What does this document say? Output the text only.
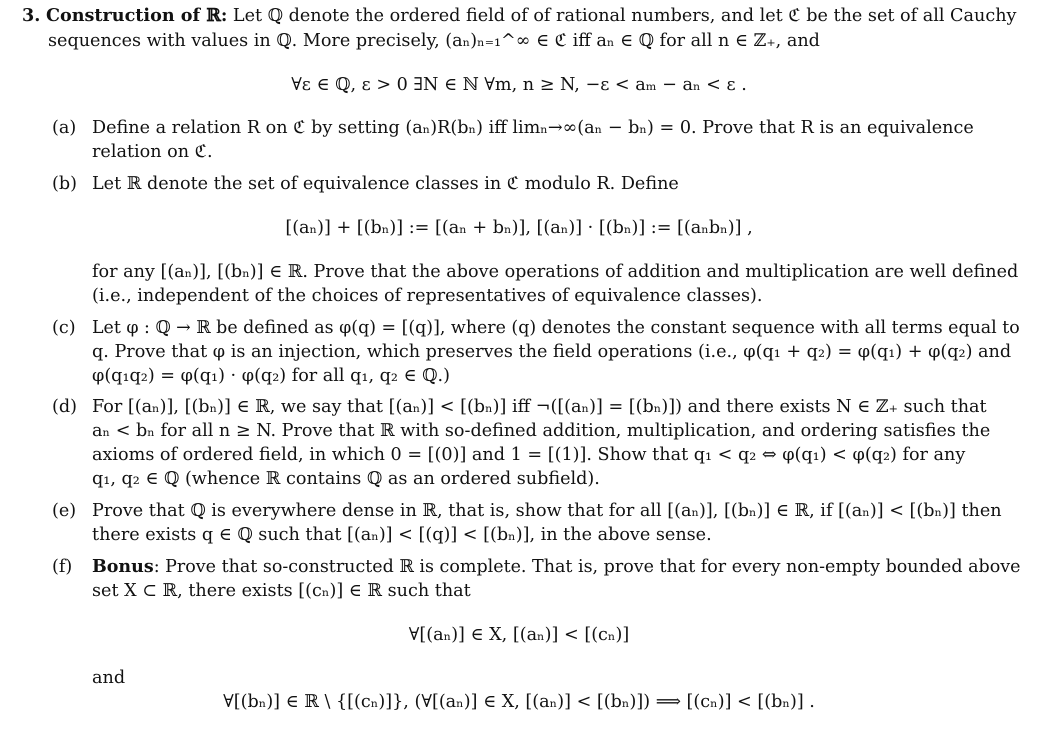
3. Construction of ℝ: Let ℚ denote the ordered field of of rational numbers, and let ℭ be the set of all Cauchy
sequences with values in ℚ. More precisely, (aₙ)ₙ₌₁^∞ ∈ ℭ iff aₙ ∈ ℚ for all n ∈ ℤ₊, and
∀ε ∈ ℚ, ε > 0 ∃N ∈ ℕ ∀m, n ≥ N, −ε < aₘ − aₙ < ε .
(a) Define a relation R on ℭ by setting (aₙ)R(bₙ) iff limₙ→∞(aₙ − bₙ) = 0. Prove that R is an equivalence
relation on ℭ.
(b) Let ℝ denote the set of equivalence classes in ℭ modulo R. Define
[(aₙ)] + [(bₙ)] := [(aₙ + bₙ)], [(aₙ)] · [(bₙ)] := [(aₙbₙ)] ,
for any [(aₙ)], [(bₙ)] ∈ ℝ. Prove that the above operations of addition and multiplication are well defined
(i.e., independent of the choices of representatives of equivalence classes).
(c) Let φ : ℚ → ℝ be defined as φ(q) = [(q)], where (q) denotes the constant sequence with all terms equal to
q. Prove that φ is an injection, which preserves the field operations (i.e., φ(q₁ + q₂) = φ(q₁) + φ(q₂) and
φ(q₁q₂) = φ(q₁) · φ(q₂) for all q₁, q₂ ∈ ℚ.)
(d) For [(aₙ)], [(bₙ)] ∈ ℝ, we say that [(aₙ)] < [(bₙ)] iff ¬([(aₙ)] = [(bₙ)]) and there exists N ∈ ℤ₊ such that
aₙ < bₙ for all n ≥ N. Prove that ℝ with so-defined addition, multiplication, and ordering satisfies the
axioms of ordered field, in which 0 = [(0)] and 1 = [(1)]. Show that q₁ < q₂ ⇔ φ(q₁) < φ(q₂) for any
q₁, q₂ ∈ ℚ (whence ℝ contains ℚ as an ordered subfield).
(e) Prove that ℚ is everywhere dense in ℝ, that is, show that for all [(aₙ)], [(bₙ)] ∈ ℝ, if [(aₙ)] < [(bₙ)] then
there exists q ∈ ℚ such that [(aₙ)] < [(q)] < [(bₙ)], in the above sense.
(f) Bonus: Prove that so-constructed ℝ is complete. That is, prove that for every non-empty bounded above
set X ⊂ ℝ, there exists [(cₙ)] ∈ ℝ such that
∀[(aₙ)] ∈ X, [(aₙ)] < [(cₙ)]
and
∀[(bₙ)] ∈ ℝ \ {[(cₙ)]}, (∀[(aₙ)] ∈ X, [(aₙ)] < [(bₙ)]) ⟹ [(cₙ)] < [(bₙ)] .
